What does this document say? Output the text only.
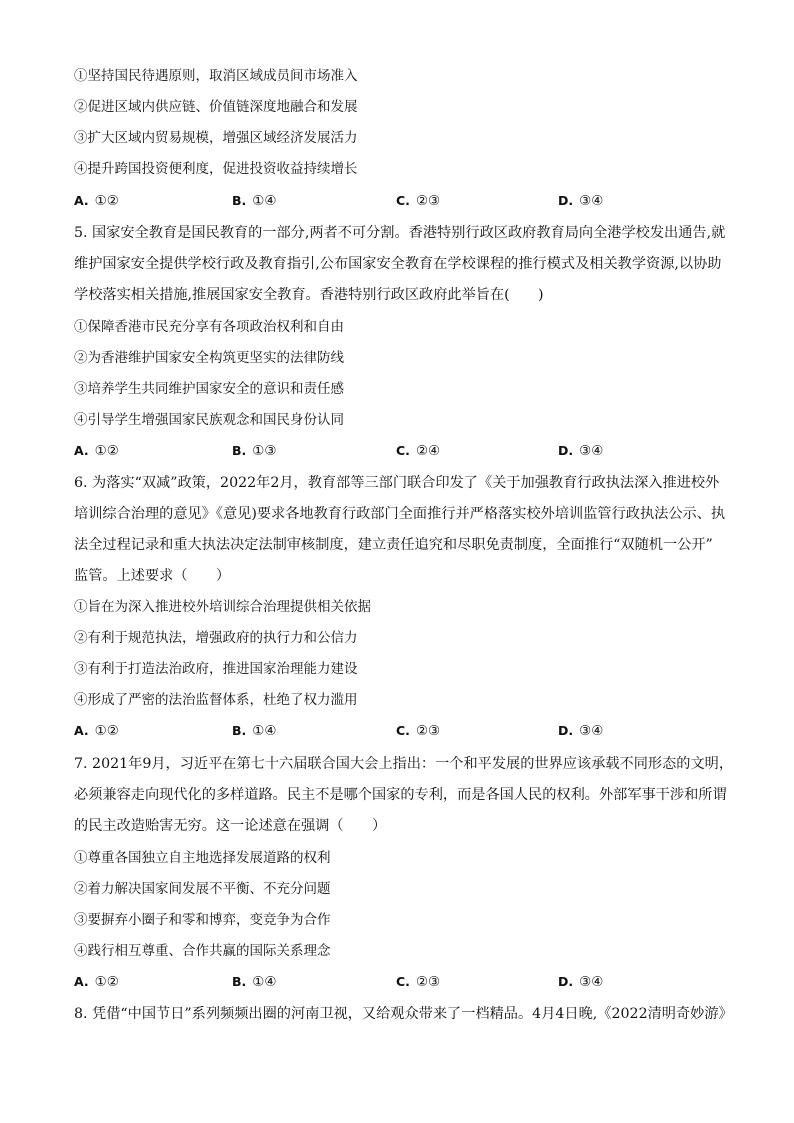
①坚持国民待遇原则，取消区域成员间市场准入
②促进区域内供应链、价值链深度地融合和发展
③扩大区域内贸易规模，增强区域经济发展活力
④提升跨国投资便利度，促进投资收益持续增长
A. ①②	B. ①④	C. ②③	D. ③④
5. 国家安全教育是国民教育的一部分,两者不可分割。香港特别行政区政府教育局向全港学校发出通告,就
维护国家安全提供学校行政及教育指引,公布国家安全教育在学校课程的推行模式及相关教学资源,以协助
学校落实相关措施,推展国家安全教育。香港特别行政区政府此举旨在(　　)
①保障香港市民充分享有各项政治权利和自由
②为香港维护国家安全构筑更坚实的法律防线
③培养学生共同维护国家安全的意识和责任感
④引导学生增强国家民族观念和国民身份认同
A. ①②	B. ①③	C. ②④	D. ③④
6. 为落实“双减”政策，2022年2月，教育部等三部门联合印发了《关于加强教育行政执法深入推进校外
培训综合治理的意见》《意见)要求各地教育行政部门全面推行并严格落实校外培训监管行政执法公示、执
法全过程记录和重大执法决定法制审核制度，建立责任追究和尽职免责制度，全面推行“双随机一公开”
监管。上述要求（　　）
①旨在为深入推进校外培训综合治理提供相关依据
②有利于规范执法，增强政府的执行力和公信力
③有利于打造法治政府，推进国家治理能力建设
④形成了严密的法治监督体系，杜绝了权力滥用
A. ①②	B. ①④	C. ②③	D. ③④
7. 2021年9月，习近平在第七十六届联合国大会上指出：一个和平发展的世界应该承载不同形态的文明，
必须兼容走向现代化的多样道路。民主不是哪个国家的专利，而是各国人民的权利。外部军事干涉和所谓
的民主改造贻害无穷。这一论述意在强调（　　）
①尊重各国独立自主地选择发展道路的权利
②着力解决国家间发展不平衡、不充分问题
③要摒弃小圈子和零和博弈，变竞争为合作
④践行相互尊重、合作共赢的国际关系理念
A. ①②	B. ①④	C. ②③	D. ③④
8. 凭借“中国节日”系列频频出圈的河南卫视，又给观众带来了一档精品。4月4日晚,《2022清明奇妙游》
